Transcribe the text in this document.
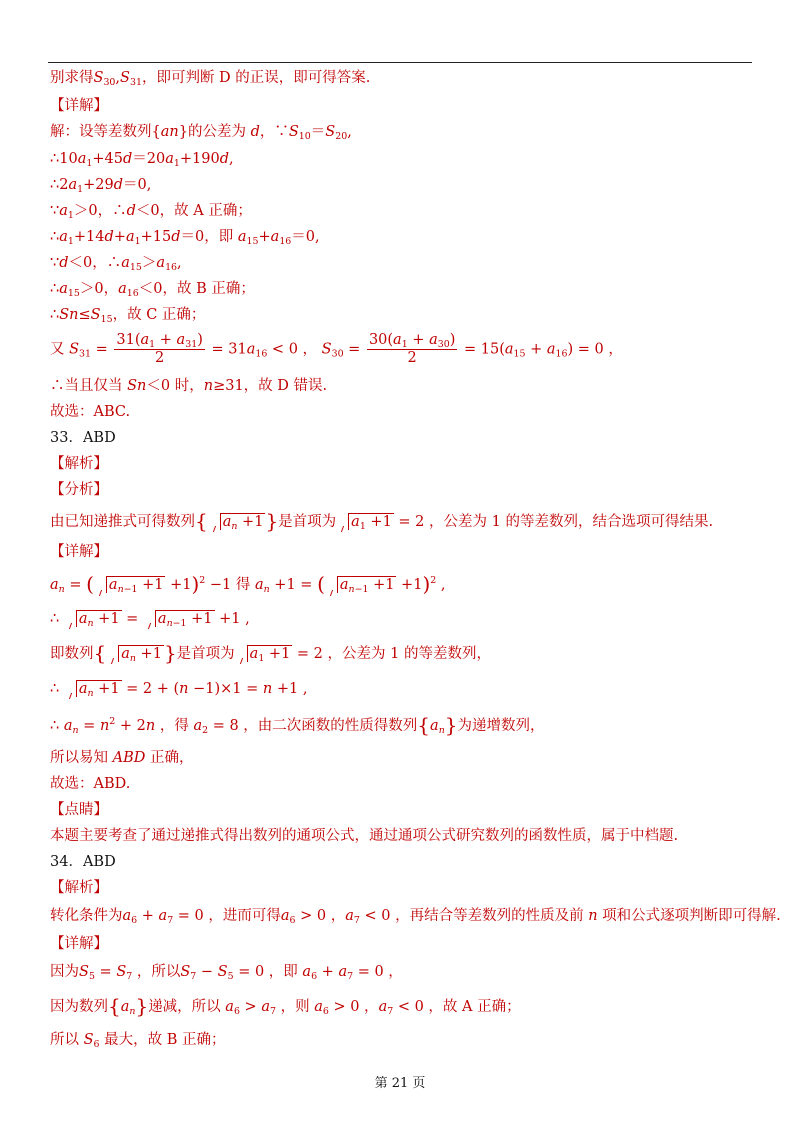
别求得$S_{30},S_{31}$，即可判断 D 的正误，即可得答案.
【详解】
解：设等差数列{an}的公差为 d，$\because S_{10}=S_{20}$,
$\therefore 10a_1+45d=20a_1+190d$,
$\therefore 2a_1+29d=0$,
$\because a_1>0$，∴d＜0，故 A 正确；
$\therefore a_1+14d+a_1+15d=0$，即 $a_{15}+a_{16}=0$,
∵d＜0，$\therefore a_{15}>a_{16}$,
$\therefore a_{15}>0$，$a_{16}<0$，故 B 正确；
$\therefore Sn\le S_{15}$，故 C 正确；
又 $S_{31} = \frac{31(a_1 + a_{31})}{2} = 31a_{16} < 0$ ， $S_{30} = \frac{30(a_1 + a_{30})}{2} = 15(a_{15} + a_{16}) = 0$ ，
∴当且仅当 Sn＜0 时，n≥31，故 D 错误.
故选：ABC.
33．ABD
【解析】
【分析】
由已知递推式可得数列{ $a_n +1$ }是首项为 $a_1 +1 = 2$ ，公差为 1 的等差数列，结合选项可得结果.
【详解】
$a_n$ = ( $a_{n-1} +1 +1)^2 -1$ 得 $a_n +1$ = ( $a_{n-1} +1 +1)^2$ ,
∴ $a_n +1 = a_{n-1} +1 +1$ ,
即数列{ $a_n +1$ }是首项为 $a_1 +1 = 2$ ，公差为 1 的等差数列，
∴ $a_n +1 = 2 + (n -1)\times 1 = n +1$ ,
∴ $a_n = n^2 + 2n$ ，得 $a_2 = 8$ ，由二次函数的性质得数列$\{a_n\}$为递增数列，
所以易知 ABD 正确，
故选：ABD.
【点睛】
本题主要考查了通过递推式得出数列的通项公式，通过通项公式研究数列的函数性质，属于中档题.
34．ABD
【解析】
转化条件为$a_6 + a_7 = 0$ ，进而可得$a_6 > 0$ ，$a_7 < 0$ ，再结合等差数列的性质及前 n 项和公式逐项判断即可得解.
【详解】
因为$S_5 = S_7$ ，所以$S_7 - S_5 = 0$ ，即 $a_6 + a_7 = 0$ ，
因为数列$\{a_n\}$递减，所以 $a_6 > a_7$ ，则 $a_6 > 0$ ，$a_7 < 0$ ，故 A 正确；
所以 $S_6$ 最大，故 B 正确；
第 21 页
